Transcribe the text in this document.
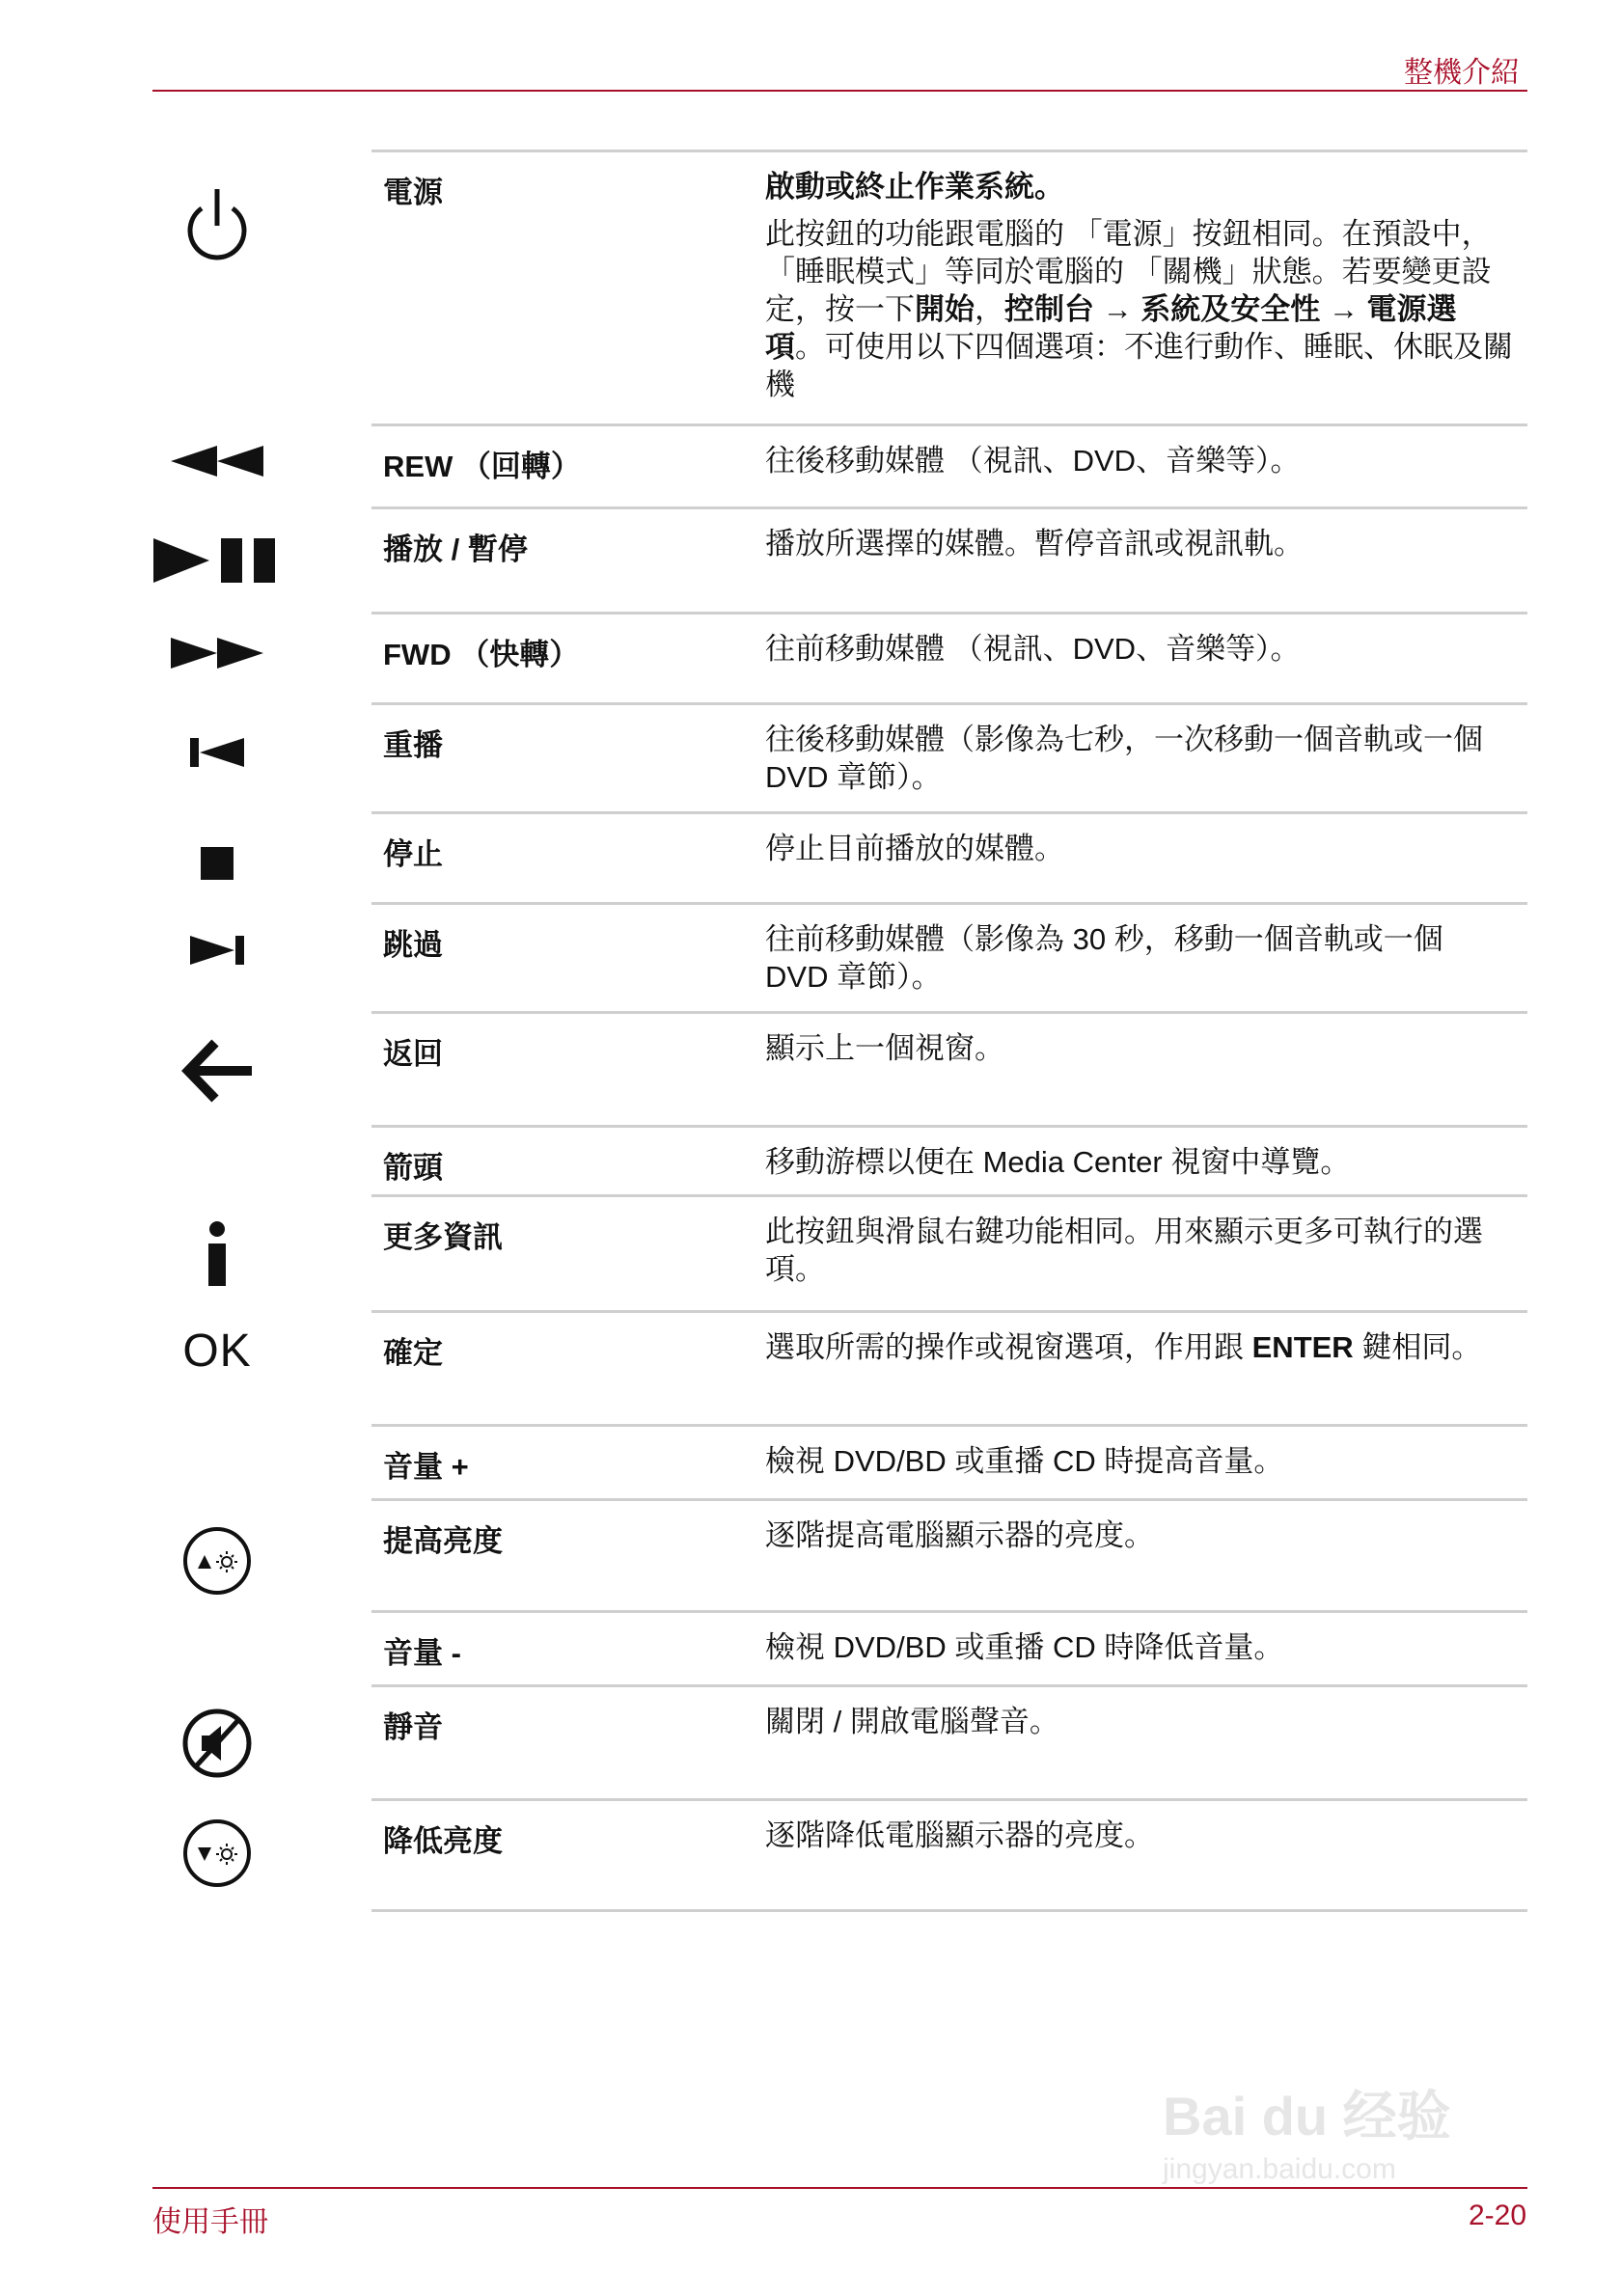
整機介紹
電源	啟動或終止作業系統。

此按鈕的功能跟電腦的 「電源」按鈕相同。在預設中，「睡眠模式」等同於電腦的 「關機」狀態。若要變更設定，按一下開始，控制台 → 系統及安全性 → 電源選項。可使用以下四個選項：不進行動作、睡眠、休眠及關機

REW （回轉）	往後移動媒體 （視訊、DVD、音樂等）。
播放 / 暫停	播放所選擇的媒體。暫停音訊或視訊軌。
FWD （快轉）	往前移動媒體 （視訊、DVD、音樂等）。
重播	往後移動媒體（影像為七秒，一次移動一個音軌或一個 DVD 章節）。
停止	停止目前播放的媒體。
跳過	往前移動媒體（影像為 30 秒，移動一個音軌或一個 DVD 章節）。
返回	顯示上一個視窗。
箭頭	移動游標以便在 Media Center 視窗中導覽。
更多資訊	此按鈕與滑鼠右鍵功能相同。用來顯示更多可執行的選項。
OK	確定	選取所需的操作或視窗選項，作用跟 ENTER 鍵相同。
音量 +	檢視 DVD/BD 或重播 CD 時提高音量。
提高亮度	逐階提高電腦顯示器的亮度。
音量 -	檢視 DVD/BD 或重播 CD 時降低音量。
靜音	關閉 / 開啟電腦聲音。
降低亮度	逐階降低電腦顯示器的亮度。
Bai du 经验
jingyan.baidu.com
使用手冊	2-20
